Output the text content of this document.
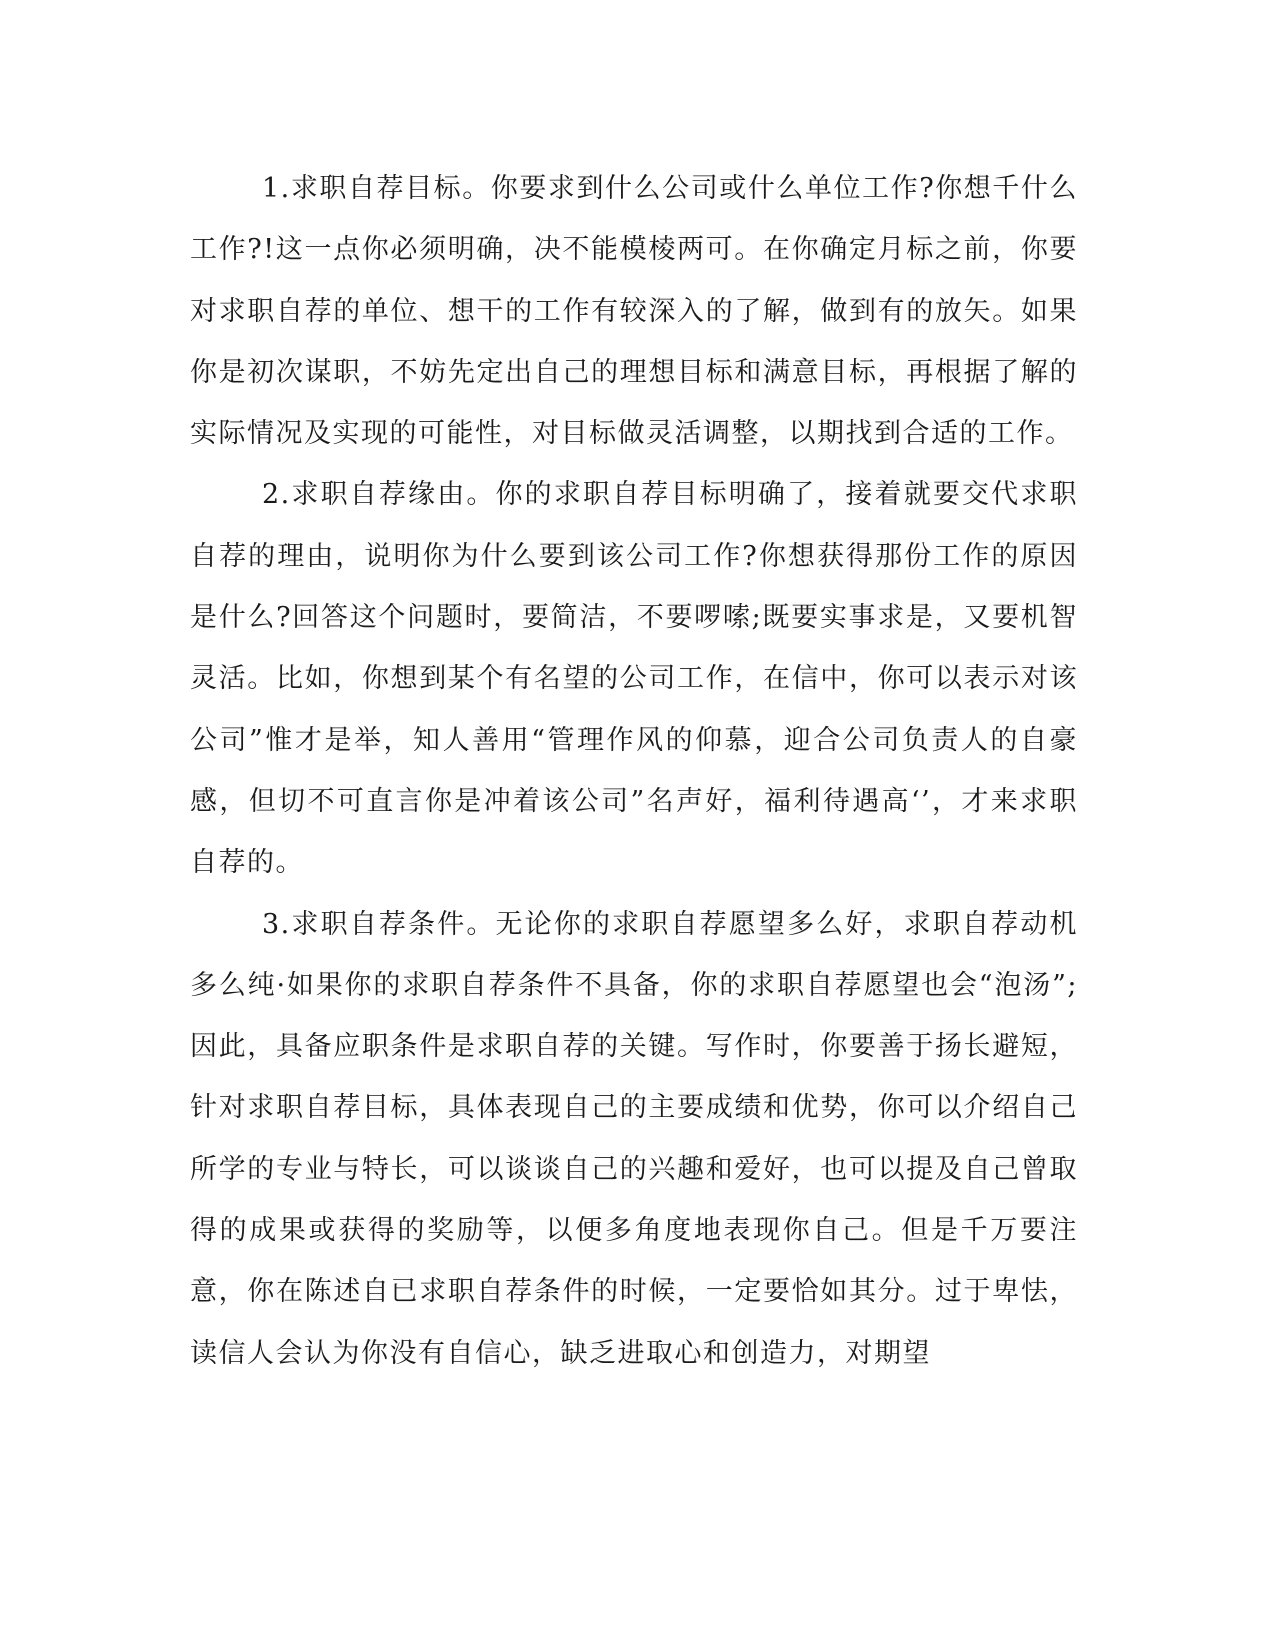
1.求职自荐目标。你要求到什么公司或什么单位工作?你想千什么工作?!这一点你必须明确，决不能模棱两可。在你确定月标之前，你要对求职自荐的单位、想干的工作有较深入的了解，做到有的放矢。如果你是初次谋职，不妨先定出自己的理想目标和满意目标，再根据了解的实际情况及实现的可能性，对目标做灵活调整，以期找到合适的工作。

2.求职自荐缘由。你的求职自荐目标明确了，接着就要交代求职自荐的理由，说明你为什么要到该公司工作?你想获得那份工作的原因是什么?回答这个问题时，要简洁，不要啰嗦;既要实事求是，又要机智灵活。比如，你想到某个有名望的公司工作，在信中，你可以表示对该公司”惟才是举，知人善用“管理作风的仰慕，迎合公司负责人的自豪感，但切不可直言你是冲着该公司”名声好，福利待遇高‘’，才来求职自荐的。

3.求职自荐条件。无论你的求职自荐愿望多么好，求职自荐动机多么纯·如果你的求职自荐条件不具备，你的求职自荐愿望也会“泡汤”;因此，具备应职条件是求职自荐的关键。写作时，你要善于扬长避短，针对求职自荐目标，具体表现自己的主要成绩和优势，你可以介绍自己所学的专业与特长，可以谈谈自己的兴趣和爱好，也可以提及自己曾取得的成果或获得的奖励等，以便多角度地表现你自己。但是千万要注意，你在陈述自已求职自荐条件的时候，一定要恰如其分。过于卑怯，读信人会认为你没有自信心，缺乏进取心和创造力，对期望
